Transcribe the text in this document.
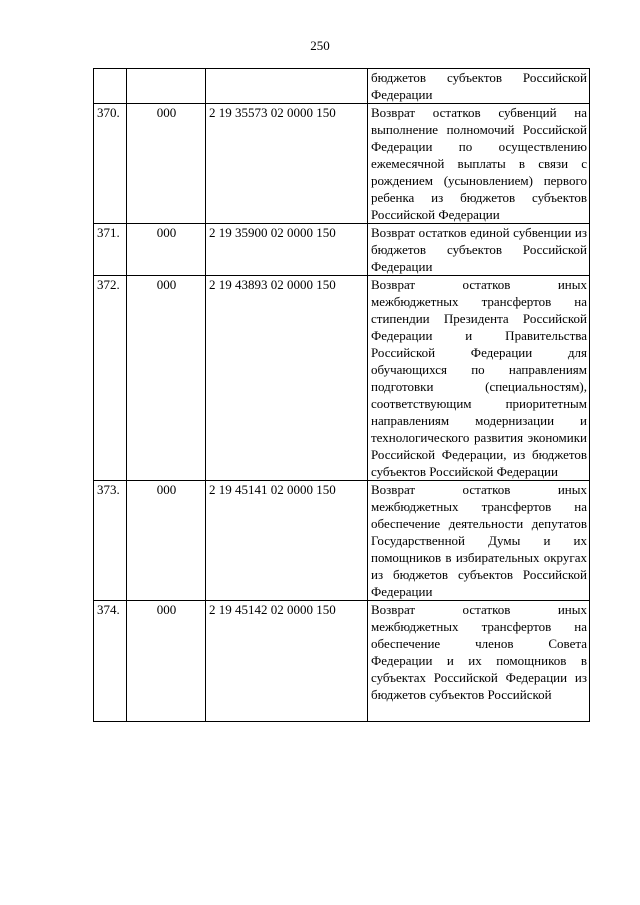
250
			бюджетов субъектов Российской Федерации
370.	000	2 19 35573 02 0000 150	Возврат остатков субвенций на выполнение полномочий Российской Федерации по осуществлению ежемесячной выплаты в связи с рождением (усыновлением) первого ребенка из бюджетов субъектов Российской Федерации
371.	000	2 19 35900 02 0000 150	Возврат остатков единой субвенции из бюджетов субъектов Российской Федерации
372.	000	2 19 43893 02 0000 150	Возврат остатков иных межбюджетных трансфертов на стипендии Президента Российской Федерации и Правительства Российской Федерации для обучающихся по направлениям подготовки (специальностям), соответствующим приоритетным направлениям модернизации и технологического развития экономики Российской Федерации, из бюджетов субъектов Российской Федерации
373.	000	2 19 45141 02 0000 150	Возврат остатков иных межбюджетных трансфертов на обеспечение деятельности депутатов Государственной Думы и их помощников в избирательных округах из бюджетов субъектов Российской Федерации
374.	000	2 19 45142 02 0000 150	Возврат остатков иных межбюджетных трансфертов на обеспечение членов Совета Федерации и их помощников в субъектах Российской Федерации из бюджетов субъектов Российской
